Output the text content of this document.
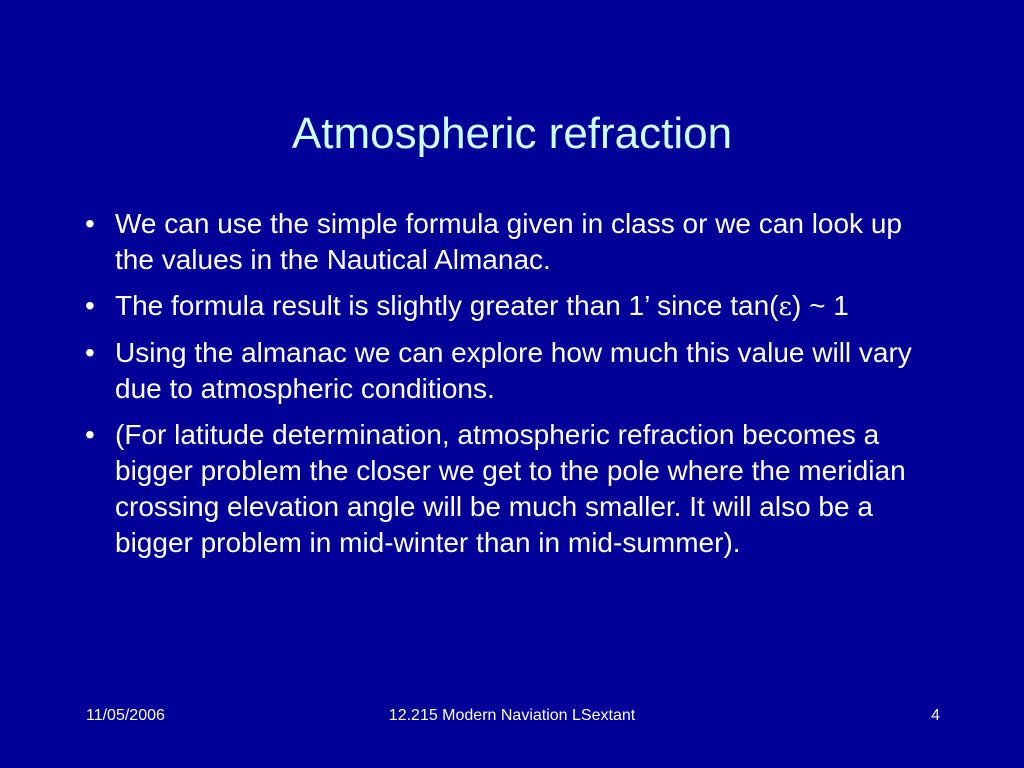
Atmospheric refraction
• We can use the simple formula given in class or we can look up the values in the Nautical Almanac.
• The formula result is slightly greater than 1’ since tan(ε) ~ 1
• Using the almanac we can explore how much this value will vary due to atmospheric conditions.
• (For latitude determination, atmospheric refraction becomes a bigger problem the closer we get to the pole where the meridian crossing elevation angle will be much smaller. It will also be a bigger problem in mid-winter than in mid-summer).
11/05/2006	12.215 Modern Naviation LSextant	4
